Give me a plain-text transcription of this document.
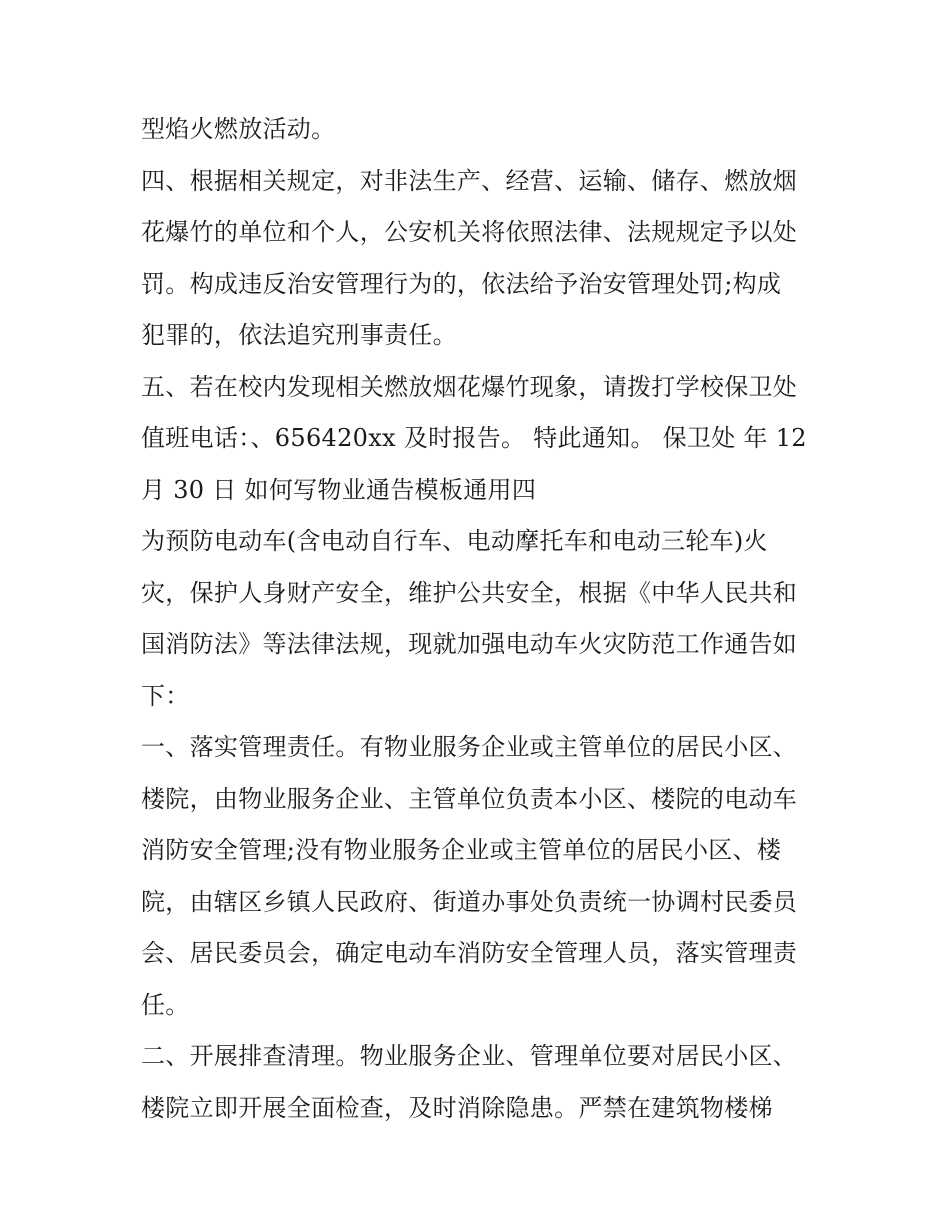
型焰火燃放活动。
四、根据相关规定，对非法生产、经营、运输、储存、燃放烟
花爆竹的单位和个人，公安机关将依照法律、法规规定予以处
罚。构成违反治安管理行为的，依法给予治安管理处罚;构成
犯罪的，依法追究刑事责任。
五、若在校内发现相关燃放烟花爆竹现象，请拨打学校保卫处
值班电话：、656420xx 及时报告。 特此通知。 保卫处 年 12
月 30 日 如何写物业通告模板通用四
为预防电动车(含电动自行车、电动摩托车和电动三轮车)火
灾，保护人身财产安全，维护公共安全，根据《中华人民共和
国消防法》等法律法规，现就加强电动车火灾防范工作通告如
下：
一、落实管理责任。有物业服务企业或主管单位的居民小区、
楼院，由物业服务企业、主管单位负责本小区、楼院的电动车
消防安全管理;没有物业服务企业或主管单位的居民小区、楼
院，由辖区乡镇人民政府、街道办事处负责统一协调村民委员
会、居民委员会，确定电动车消防安全管理人员，落实管理责
任。
二、开展排查清理。物业服务企业、管理单位要对居民小区、
楼院立即开展全面检查，及时消除隐患。严禁在建筑物楼梯
